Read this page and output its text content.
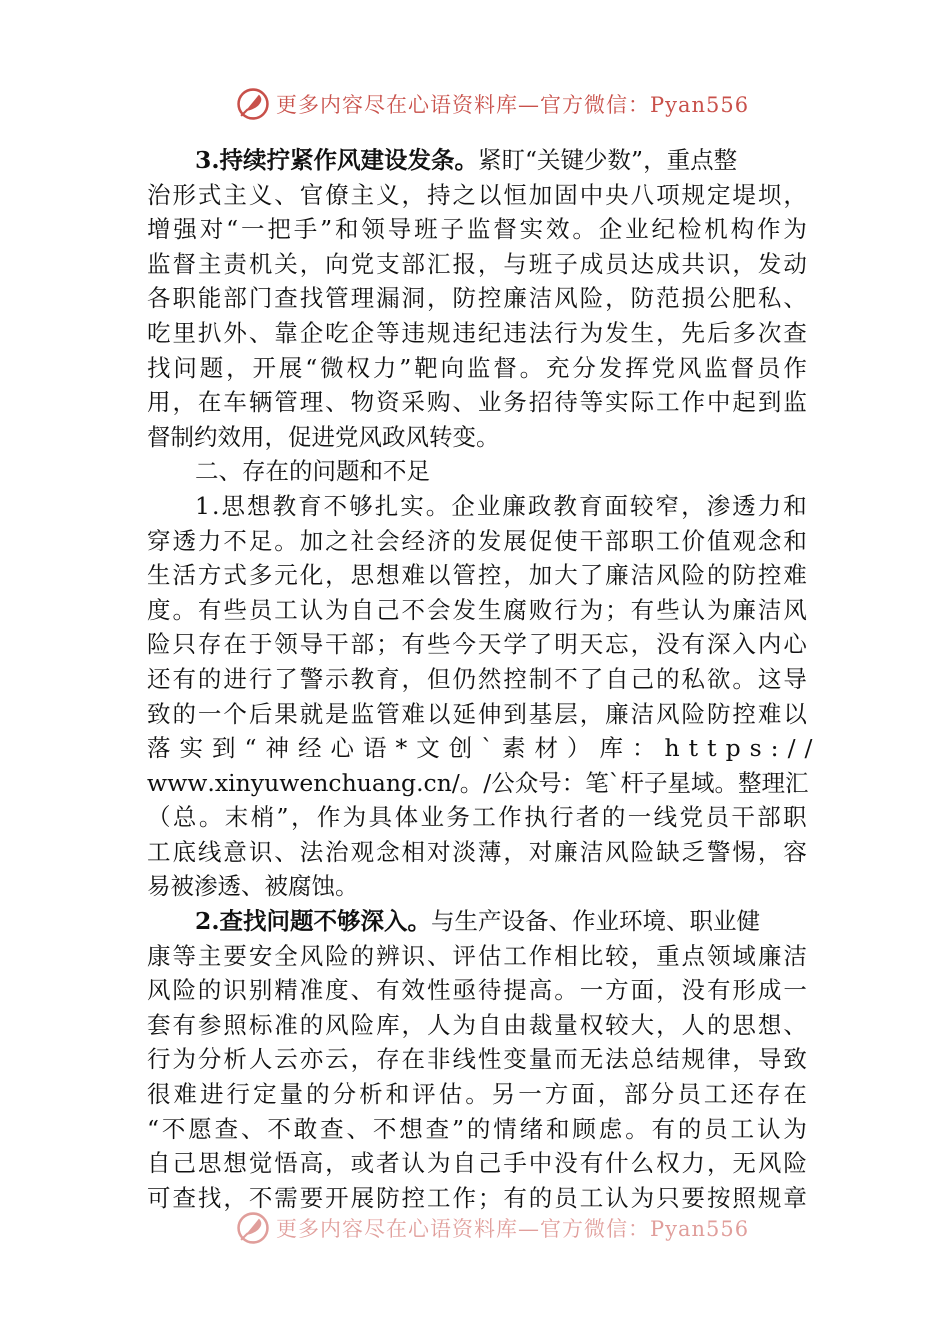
更多内容尽在心语资料库—官方微信：Pyan556
3.持续拧紧作风建设发条。紧盯“关键少数”，重点整
治 形 式 主 义 、 官 僚 主 义 ， 持 之 以 恒 加 固 中 央 八 项 规 定 堤 坝 ，
增 强 对 “ 一 把 手 ” 和 领 导 班 子 监 督 实 效 。 企 业 纪 检 机 构 作 为
监 督 主 责 机 关 ， 向 党 支 部 汇 报 ， 与 班 子 成 员 达 成 共 识 ， 发 动
各 职 能 部 门 查 找 管 理 漏 洞 ， 防 控 廉 洁 风 险 ， 防 范 损 公 肥 私 、
吃 里 扒 外 、 靠 企 吃 企 等 违 规 违 纪 违 法 行 为 发 生 ， 先 后 多 次 查
找 问 题 ， 开 展 “ 微 权 力 ” 靶 向 监 督 。 充 分 发 挥 党 风 监 督 员 作
用 ， 在 车 辆 管 理 、 物 资 采 购 、 业 务 招 待 等 实 际 工 作 中 起 到 监
督制约效用，促进党风政风转变。
二、存在的问题和不足
1 . 思 想 教 育 不 够 扎 实 。 企 业 廉 政 教 育 面 较 窄 ， 渗 透 力 和
穿 透 力 不 足 。 加 之 社 会 经 济 的 发 展 促 使 干 部 职 工 价 值 观 念 和
生 活 方 式 多 元 化 ， 思 想 难 以 管 控 ， 加 大 了 廉 洁 风 险 的 防 控 难
度 。 有 些 员 工 认 为 自 己 不 会 发 生 腐 败 行 为 ； 有 些 认 为 廉 洁 风
险 只 存 在 于 领 导 干 部 ； 有 些 今 天 学 了 明 天 忘 ， 没 有 深 入 内 心
还 有 的 进 行 了 警 示 教 育 ， 但 仍 然 控 制 不 了 自 己 的 私 欲 。 这 导
致 的 一 个 后 果 就 是 监 管 难 以 延 伸 到 基 层 ， 廉 洁 风 险 防 控 难 以
落 实 到 “ 神 经 心 语 * 文 创 ` 素 材 ） 库 ： h t t p s : / /
w w w . x i n y u w e n c h u a n g . c n / 。 / 公 众 号 ： 笔 ` 杆 子 星 域 。 整 理 汇
（ 总 。 末 梢 ” ， 作 为 具 体 业 务 工 作 执 行 者 的 一 线 党 员 干 部 职
工 底 线 意 识 、 法 治 观 念 相 对 淡 薄 ， 对 廉 洁 风 险 缺 乏 警 惕 ， 容
易被渗透、被腐蚀。
2.查找问题不够深入。与生产设备、作业环境、职业健
康 等 主 要 安 全 风 险 的 辨 识 、 评 估 工 作 相 比 较 ， 重 点 领 域 廉 洁
风 险 的 识 别 精 准 度 、 有 效 性 亟 待 提 高 。 一 方 面 ， 没 有 形 成 一
套 有 参 照 标 准 的 风 险 库 ， 人 为 自 由 裁 量 权 较 大 ， 人 的 思 想 、
行 为 分 析 人 云 亦 云 ， 存 在 非 线 性 变 量 而 无 法 总 结 规 律 ， 导 致
很 难 进 行 定 量 的 分 析 和 评 估 。 另 一 方 面 ， 部 分 员 工 还 存 在
“ 不 愿 查 、 不 敢 查 、 不 想 查 ” 的 情 绪 和 顾 虑 。 有 的 员 工 认 为
自 己 思 想 觉 悟 高 ， 或 者 认 为 自 己 手 中 没 有 什 么 权 力 ， 无 风 险
可 查 找 ， 不 需 要 开 展 防 控 工 作 ； 有 的 员 工 认 为 只 要 按 照 规 章
更多内容尽在心语资料库—官方微信：Pyan556
